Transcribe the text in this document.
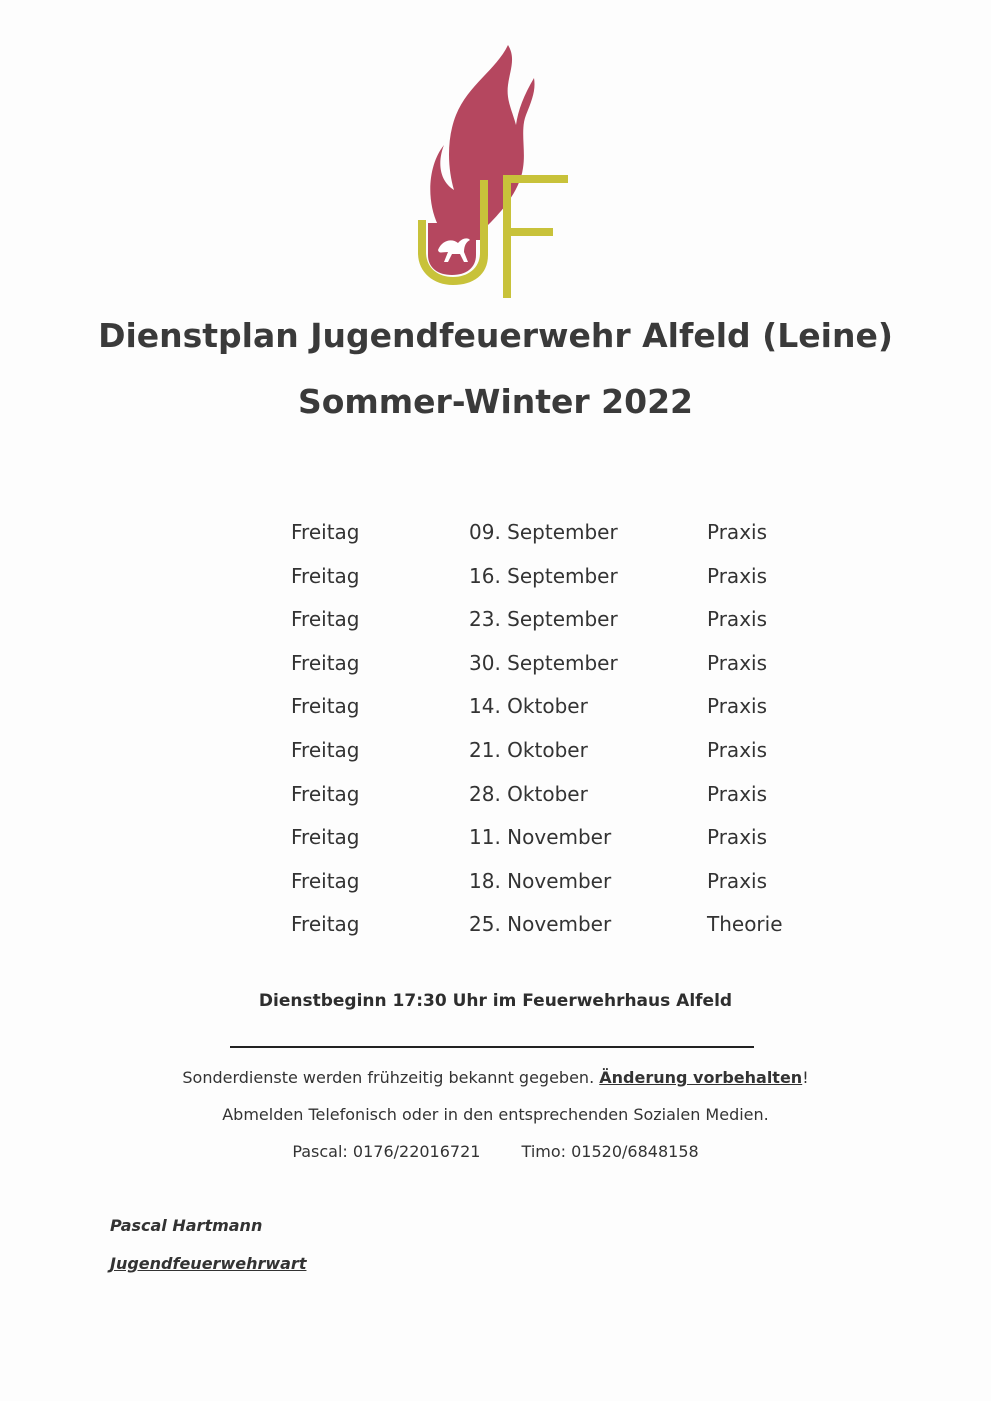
Dienstplan Jugendfeuerwehr Alfeld (Leine)
Sommer-Winter 2022
Freitag	09. September	Praxis
Freitag	16. September	Praxis
Freitag	23. September	Praxis
Freitag	30. September	Praxis
Freitag	14. Oktober	Praxis
Freitag	21. Oktober	Praxis
Freitag	28. Oktober	Praxis
Freitag	11. November	Praxis
Freitag	18. November	Praxis
Freitag	25. November	Theorie
Dienstbeginn 17:30 Uhr im Feuerwehrhaus Alfeld
Sonderdienste werden frühzeitig bekannt gegeben. Änderung vorbehalten!
Abmelden Telefonisch oder in den entsprechenden Sozialen Medien.
Pascal: 0176/22016721	Timo: 01520/6848158
Pascal Hartmann
Jugendfeuerwehrwart
